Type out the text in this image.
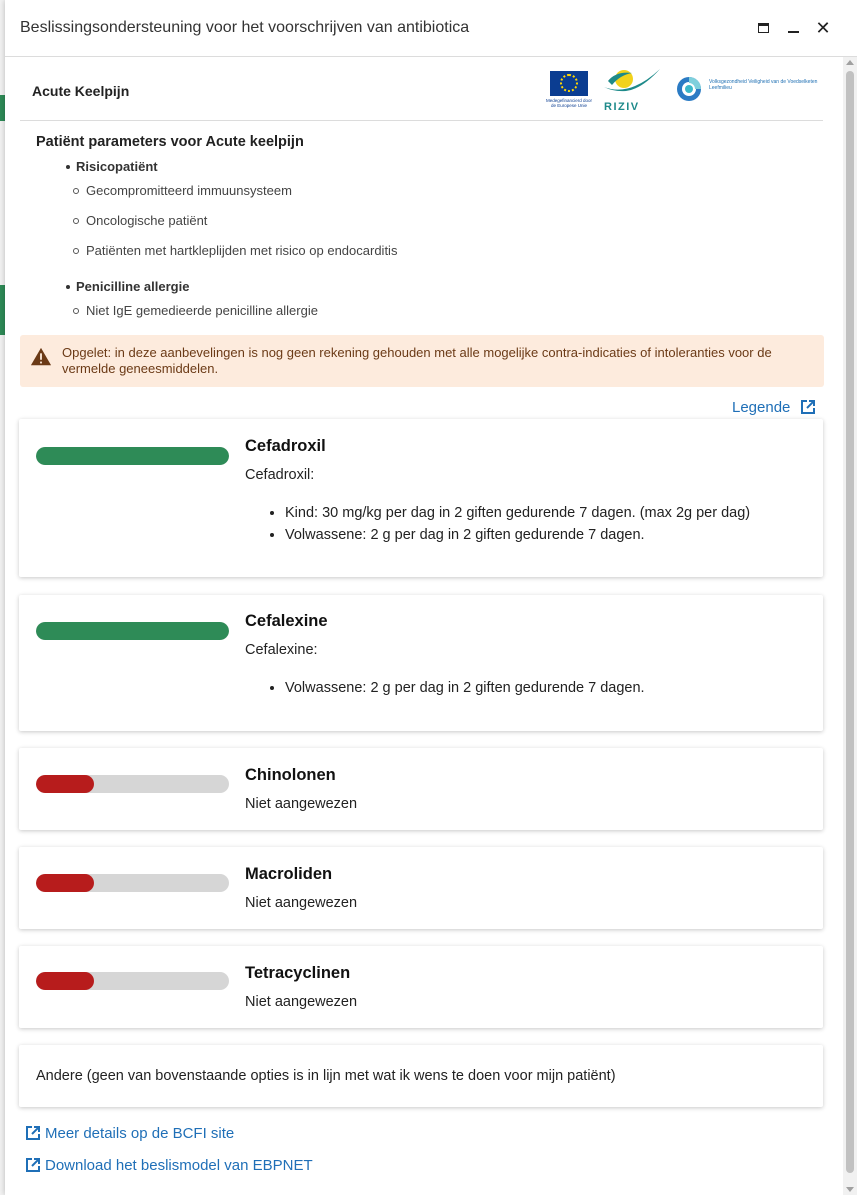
Beslissingsondersteuning voor het voorschrijven van antibiotica	✕
Acute Keelpijn
Medegefinancierd door de Europese Unie	RIZIV
Volksgezondheid Veiligheid van de Voedselketen Leefmilieu
Patiënt parameters voor Acute keelpijn
Risicopatiënt
Gecompromitteerd immuunsysteem
Oncologische patiënt
Patiënten met hartkleplijden met risico op endocarditis
Penicilline allergie
Niet IgE gemedieerde penicilline allergie
Opgelet: in deze aanbevelingen is nog geen rekening gehouden met alle mogelijke contra-indicaties of intoleranties voor de vermelde geneesmiddelen.
Legende
Cefadroxil
Cefadroxil:
• Kind: 30 mg/kg per dag in 2 giften gedurende 7 dagen. (max 2g per dag)
• Volwassene: 2 g per dag in 2 giften gedurende 7 dagen.
Cefalexine
Cefalexine:
• Volwassene: 2 g per dag in 2 giften gedurende 7 dagen.
Chinolonen
Niet aangewezen
Macroliden
Niet aangewezen
Tetracyclinen
Niet aangewezen
Andere (geen van bovenstaande opties is in lijn met wat ik wens te doen voor mijn patiënt)
Meer details op de BCFI site
Download het beslismodel van EBPNET
